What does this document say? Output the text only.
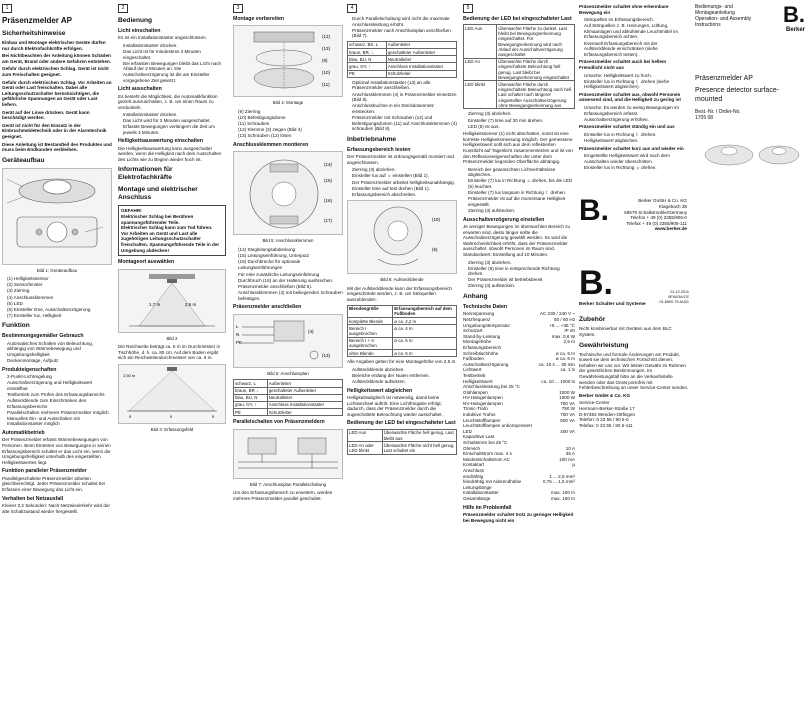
1
Präsenzmelder AP
Sicherheitshinweise

Einbau und Montage elektrischer Geräte dürfen nur durch Elektrofachkräfte erfolgen.

Bei Nichtbeachten der Anleitung können Schäden am Gerät, Brand oder andere Gefahren entstehen.

Gefahr durch elektrischen Schlag. Gerät ist nicht zum Freischalten geeignet.

Gefahr durch elektrischen Schlag. Vor Arbeiten an Gerät oder Last freischalten. Dabei alle Leitungsschutzschalter berücksichtigen, die gefährliche Spannungen an Gerät oder Last liefern.

Gerät auf der Linse drücken. Gerät kann beschädigt werden.

Gerät ist nicht für den Einsatz in der Einbruchmeldetechnik oder in der Alarmtechnik geeignet.

Diese Anleitung ist Bestandteil des Produktes und muss beim Endkunden verbleiben.

Geräteaufbau
Bild 1: Geräteaufbau
(1) Helligkeitssensor
(2) Sensorfenster
(3) Zierring
(4) Anschlussklemmen
(5) LED
(6) Einsteller time, Ausschaltverzögerung
(7) Einsteller lux, Helligkeit
Funktion
Bestimmungsgemäßer Gebrauch
Automatisches Schalten von Beleuchtung, abhängig von Wärmebewegung und Umgebungshelligkeit
Deckenmontage, Aufputz
Produkteigenschaften
2-Punkt-Lichtregelung
Ausschaltverzögerung und Helligkeitswert einstellbar
Testbetrieb zum Prüfen des Erfassungsbereichs
Aufsteckblende zum Einschränken des Erfassungsbereichs
Parallelschalten mehrerer Präsenzmelder möglich
Manuelles Ein- und Ausschalten mit Installationstaster möglich
Automatikbetrieb

Der Präsenzmelder erfasst Wärmebewegungen von Personen. Beim Eintreten von Bewegungen in seinen Erfassungsbereich schaltet er das Licht ein, wenn die Umgebungshelligkeit unterhalb des eingestellten Helligkeitswertes liegt.

Funktion paralleler Präsenzmelder

Parallelgeschaltete Präsenzmelder arbeiten gleichberechtigt. Jeder Präsenzmelder schaltet bei Erfassen einer Bewegung das Licht ein.

Verhalten bei Netzausfall

Kleiner 0,2 Sekunden: Nach Netzwiederkehr wird der alte Schaltzustand wieder hergestellt.

2
Bedienung
Licht einschalten

Es ist ein Installationstaster angeschlossen.

Installationstaster drücken.
Das Licht ist für mindestens 2 Minuten eingeschaltet.
Bei erfassten Bewegungen bleibt das Licht nach Ablauf der 2 Minuten an. Die Ausschaltverzögerung ist die am Einsteller vorgegebene Zeit gesetzt.
Licht ausschalten

Es besteht die Möglichkeit, die Automatikfunktion gezielt auszuschalten, z. B. um einen Raum zu verdunkeln.

Installationstaster drücken.
Das Licht wird für 3 Minuten ausgeschaltet. Erfasste Bewegungen verlängern die Zeit um jeweils 3 Minuten.
Helligkeitsauswertung einschalten

Die Helligkeitsauswertung kann ausgeschaltet werden, wenn die Helligkeit nach dem Ausschalten des Lichts wie zu Beginn wieder hoch ist.

Informationen für Elektrofachkräfte
Montage und elektrischer Anschluss
GEFAHR!
Elektrischer Schlag bei Berühren spannungsführender Teile.
Elektrischer Schlag kann zum Tod führen.
Vor Arbeiten an Gerät und Last alle zugehörigen Leitungsschutzschalter freischalten. Spannungsführende Teile in der Umgebung abdecken!
Montageort auswählen
1,7 m	2,5 m
Bild 2

Die Reichweite beträgt ca. 5 m im Durchmesser in Tischhöhe, d. h. ca. 80 cm. Auf dem Boden ergibt sich ein Reichweitendurchmesser von ca. 6 m.

2,50 m
5	0	5
Bild 3: Erfassungsfeld
3
Montage vorbereiten
(12)
(13)
(9)
(10)
(11)
Bild 4: Montage
(9) Zierring
(10) Befestigungsdome
(11) Schrauben
(12) Klemme (3) zeigen (Bild 4)
(13) Schrauben (12) lösen
Anschlussklemmen montieren
(14)
(15)
(16)
(17)
Bild 5: Anschlussklemmen
(14) Stegleitungsabdeckung
(15) Leitungseinführung, Unterputz
(16) Durchbrüche für optionale Leitungseinführungen
Für eine zusätzliche Leitungseinführung Durchbruch (16) an der Halterung ausbrechen.
Präsenzmelder anschließen (Bild 6).
Anschlussklemmen (4) mit beiliegenden Schrauben befestigen.
Präsenzmelder anschließen
L
N
PE
(4)
(13)
Bild 6: Anschlussplan
schwarz, L	Außenleiter
braun, BR ↓	geschalteter Außenleiter
blau, BU, N	Neutralleiter
grau, GY, ↑	Anschluss Installationstaster
PE	Schutzleiter
Parallelschalten von Präsenzmeldern
Bild 7: Anschlussplan Parallelschaltung

Um den Erfassungsbereich zu erweitern, werden mehrere Präsenzmelder parallel geschaltet.

4
Durch Parallelschaltung wird nicht die maximale Anschlussleistung erhöht.
Präsenzmelder nach Anschlussplan anschließen (Bild 7).
schwarz, BK, L	Außenleiter
braun, BR, ↓	geschalteter Außenleiter
blau, BU, N	Neutralleiter
grau, GY, ↑	Anschluss Installationstaster
PE	Schutzleiter
Optional Installationstaster (13) an alle Präsenzmelder anschließen.
Anschlussklemmen (4) in Präsenzmelder einsetzen (Bild 8).
Anschlussbuchse in ein Steckdosennetz einstecken.
Präsenzmelder mit Schrauben (12) und Befestigungsdomen (11) auf Anschlussklemmen (4) schrauben (Bild 8).
Inbetriebnahme
Erfassungsbereich testen

Der Präsenzmelder ist ordnungsgemäß montiert und angeschlossen.

Zierring (3) abziehen.
Einsteller lux auf ☼ einstellen (Bild 1).
Der Präsenzmelder arbeitet helligkeitsunabhängig.
Einsteller time auf test drehen (Bild 1).
Erfassungsbereich abschreiten.
(18)
(5)
Bild 8: Aufsteckblende

Mit der Aufsteckblende kann der Erfassungsbereich eingeschränkt werden, z. B. um Störquellen auszublenden.

Blendengröße	Erfassungsbereich auf dem Fußboden
komplette Blende	ø ca. 2,2 m
Bereich I ausgebrochen	ø ca. 4 m
Bereich I + II ausgebrochen	ø ca. 5 m
ohne Blende	ø ca. 6 m

Alle Angaben gelten für eine Montagehöhe von 2,5 m

Aufsteckblende abziehen.
Bereiche entlang der Nuten entfernen.
Aufsteckblende aufsetzen.
Helligkeitswert abgleichen

Helligkeitsabgleich ist notwendig, damit keine Lichtwechsel auftritt. Eine Lichtfreigabe erfolgt, dadurch, dass der Präsenzmelder durch die zugeschaltete Beleuchtung wieder ausschaltet.

Bedienung der LED bei eingeschalteter Last
LED Aus	Überwachte Fläche hell genug. Last bleibt aus
LED An oder LED blinkt	Überwachte Fläche nicht hell genug. Last schaltet ein
5
Bedienung der LED bei eingeschalteter Last
LED Aus	Überwachte Fläche zu dunkel. Last bleibt bei Bewegungserkennung eingeschaltet. Für Bewegungserkennung wird nach Ablauf der Ausschaltverzögerung ausgeschaltet
LED An	Überwachte Fläche durch eingeschaltete Beleuchtung hell genug. Last bleibt bei Bewegungserkennung eingeschaltet
LED blinkt	Überwachte Fläche durch eingeschaltete Beleuchtung nach hell. Last schaltet nach längerer eingestellter Ausschaltverzögerung ohne Bewegungserkennung aus
Zierring (3) abziehen.
Einsteller (7) time auf 30 min drehen.
LED (5) ist aus.

Helligkeitssensor (1) nicht abschatten, sonst ist eine korrekte Helligkeitsmessung möglich. Der gemessene Helligkeitswert sollt sich aus dem reflektierten Kunstlicht auf Tageslicht zusammensetzen und ist von den Reflexionseigenschaften der unter dem Präsenzmelder liegenden Oberfläche abhängig.

Bereich der gewünschten Lichtverhältnisse abgleichen.
Einsteller (7) lux in Richtung ☼ drehen, bis die LED (5) leuchtet.
Einsteller (7) lux langsam in Richtung ☾ drehen.
Präsenzmelder ist auf die momentane Helligkeit eingestellt.
Zierring (3) aufstecken.
Ausschaltverzögerung einstellen

Je weniger Bewegungen im überwachten Bereich zu erwarten sind, desto länger sollte die Ausschaltverzögerung gewählt werden. So wird die Wahrscheinlichkeit erhöht, dass der Präsenzmelder ausschaltet, obwohl Personen im Raum sind. Standardwert: Einstellung auf 10 Minuten.

Zierring (3) abziehen.
Einsteller (6) time in entsprechende Richtung drehen.
Der Präsenzmelder ist betriebsbereit
Zierring (3) aufstecken.
Anhang
Technische Daten
Nennspannung	AC 230 / 240 V ~
Netzfrequenz	50 / 60 Hz
Umgebungstemperatur	+5 ... +35 °C
Schutzart	IP 20
Stand-by-Leistung	max. 0,6 W
Montagehöhe	2,5 m
Erfassungsbereich
Schreibtischhöhe	ø ca. 5 m
Fußboden	ø ca. 6 m
Ausschaltverzögerung	ca. 10 s ... 30 min
Lichtwert	ca. 1 lx
Testbetrieb
Helligkeitswert	ca. 10 ... 1000 lx
Anschlussleistung bei 25 °C
Glühlampen	1000 W
HV-Halogenlampen	1000 W
NV-Halogenlampen	750 VA
Tronic-Trafo	750 W
Induktive Trafos	750 VA
Leuchtstofflampen	500 VA
Leuchtstofflampen unkompensiert
LED	400 VA
Kapazitive Last
Schaltstrom bei 25 °C
Ohmsch	10 A
Einschaltstrom max. 4 s	35 A
Mindestschaltstrom AC	100 mA
Kontaktart	µ
Anschluss
eindrähtig	1 ... 2,5 mm²
feindrähtig mit Aderendhülse	0,75 ... 1,5 mm²
Leitungslänge
Installationstaster	max. 100 m
Gesamtlänge	max. 100 m
Hilfe im Problemfall

Präsenzmelder schaltet trotz zu geringer Helligkeit bei Bewegung nicht ein

Präsenzmelder schaltet ohne erkennbare Bewegung ein

Störquellen im Erfassungsbereich.
Auf Störquellen z. B. Heizungen, Lüftung, Klimaanlagen und abkühlende Leuchtmittel im Erfassungsbereich achten.
Eventuell Erfassungsbereich mit der Aufsteckblende einschränken (siehe Erfassungsbereich testen).

Präsenzmelder schaltet auch bei hellem Fremdlicht nicht aus

Ursache: Helligkeitswert zu hoch.
Einsteller lux in Richtung ☾ drehen (siehe Helligkeitswert abgleichen).

Präsenzmelder schaltet aus, obwohl Personen anwesend sind, und die Helligkeit zu gering ist

Ursache: Es werden zu wenig Bewegungen im Erfassungsbereich erfasst.
Ausschaltverzögerung erhöhen.

Präsenzmelder schaltet ständig ein und aus

Einsteller lux in Richtung ☾ drehen.
Helligkeitswert abgleichen.

Präsenzmelder schaltet kurz aus und wieder ein

Eingestellte Helligkeitswert wird nach dem Ausschalten wieder überschritten.
Einsteller lux in Richtung ☼ drehen.
B.	Berker GmbH & Co. KG
Klagebach 38
58579 Schalksmühle/Germany
Telefon + 49 (0) 2355/905-0
Telefax + 49 (0) 2355/905-111
www.berker.de
B.
Berker Schalter und Systeme
01.12.2011 6F84/3A/CE 01.6900.79.AU01
Zubehör

Nicht kombinierbar mit Geräten aus dem BLC System.

Gewährleistung

Technische und formale Änderungen am Produkt, soweit sie dem technischen Fortschritt dienen, behalten wir uns vor. Wir leisten Gewähr im Rahmen der gesetzlichen Bestimmungen. Im Gewährleistungsfall bitte an die Verkaufsstelle wenden oder das Gerät portofrei mit Fehlerbeschreibung an unser Service-Center senden.

Berker GmbH & Co. KG

Service-Center
Hermann-Berker-Straße 17
D-57482 Wenden-Ottfingen
Telefon: 0 23 55 / 90 5-0
Telefax: 0 23 55 / 90 5-111
Bedienungs- und Montageanleitung
Operation- and Assembly Instructions	B.
Berker
Präsenzmelder AP
Presence detector surface-mounted
Best.-Nr. / Order-No.
1705 08
